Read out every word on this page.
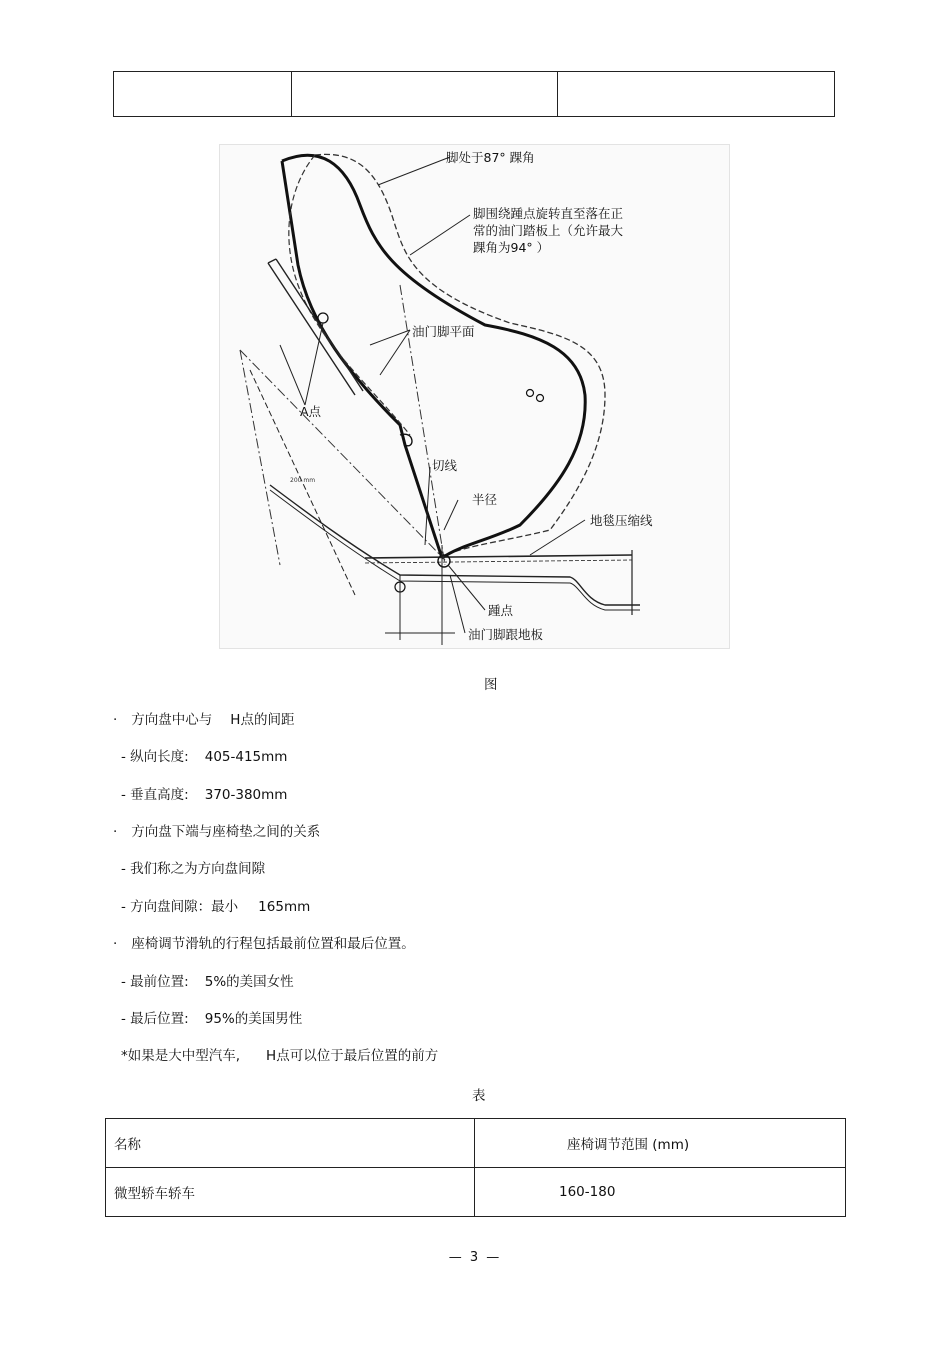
脚处于87° 踝角
脚围绕踵点旋转直至落在正
常的油门踏板上（允许最大
踝角为94° ）
油门脚平面
A点
切线
半径
地毯压缩线
踵点
油门脚跟地板
200 mm
图
· 方向盘中心与 H点的间距
- 纵向长度: 405-415mm
- 垂直高度: 370-380mm
· 方向盘下端与座椅垫之间的关系
- 我们称之为方向盘间隙
- 方向盘间隙：最小 165mm
· 座椅调节滑轨的行程包括最前位置和最后位置。
- 最前位置: 5%的美国女性
- 最后位置: 95%的美国男性
*如果是大中型汽车, H点可以位于最后位置的前方
表
名称	座椅调节范围 (mm)
微型轿车轿车	160-180
— 3 —
